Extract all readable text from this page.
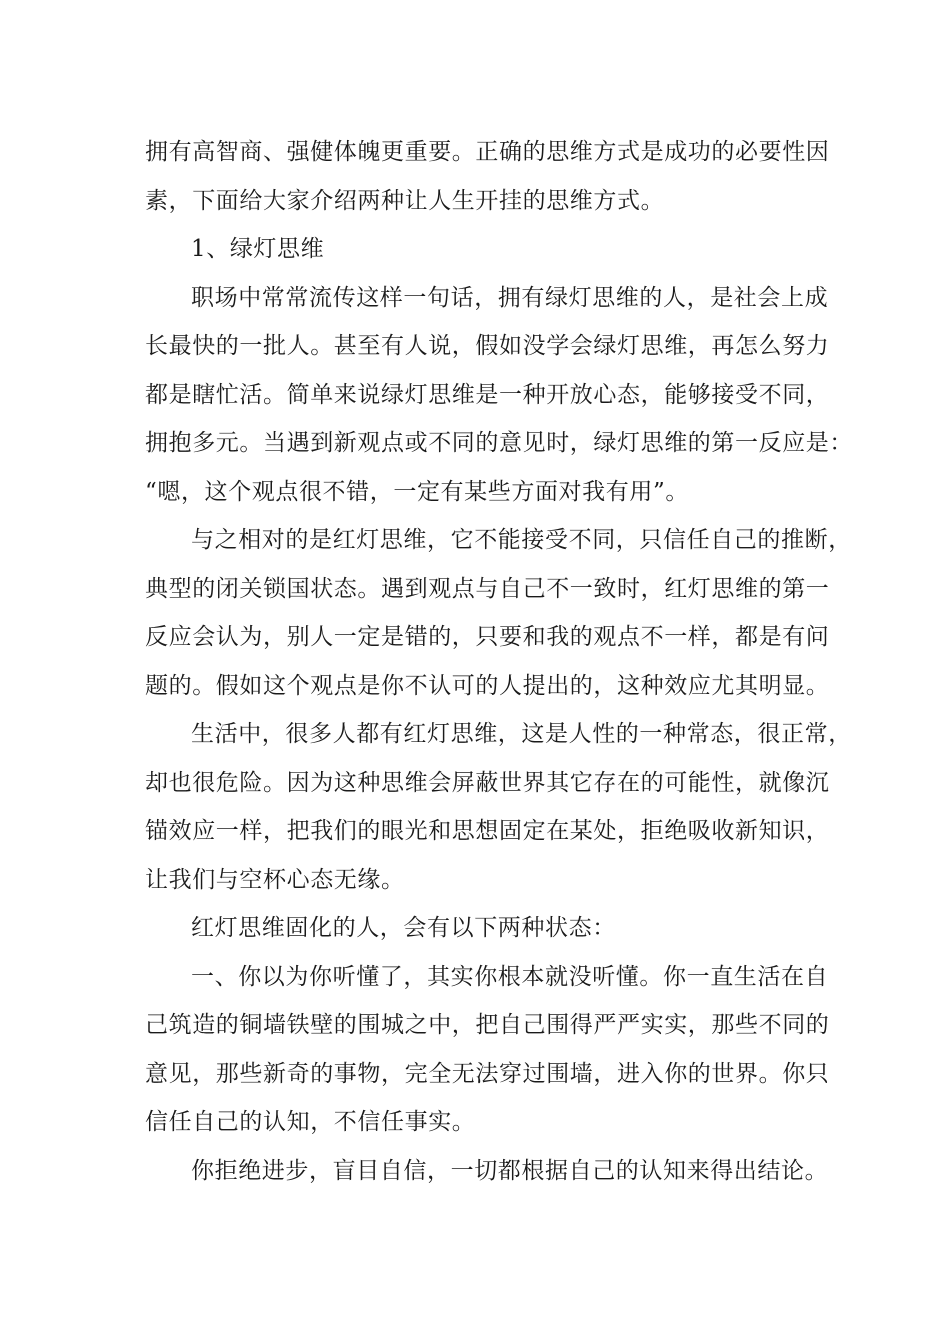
拥有高智商、强健体魄更重要。正确的思维方式是成功的必要性因
素，下面给大家介绍两种让人生开挂的思维方式。
1、绿灯思维
职场中常常流传这样一句话，拥有绿灯思维的人，是社会上成
长最快的一批人。甚至有人说，假如没学会绿灯思维，再怎么努力
都是瞎忙活。简单来说绿灯思维是一种开放心态，能够接受不同，
拥抱多元。当遇到新观点或不同的意见时，绿灯思维的第一反应是：
“嗯，这个观点很不错，一定有某些方面对我有用”。
与之相对的是红灯思维，它不能接受不同，只信任自己的推断，
典型的闭关锁国状态。遇到观点与自己不一致时，红灯思维的第一
反应会认为，别人一定是错的，只要和我的观点不一样，都是有问
题的。假如这个观点是你不认可的人提出的，这种效应尤其明显。
生活中，很多人都有红灯思维，这是人性的一种常态，很正常，
却也很危险。因为这种思维会屏蔽世界其它存在的可能性，就像沉
锚效应一样，把我们的眼光和思想固定在某处，拒绝吸收新知识，
让我们与空杯心态无缘。
红灯思维固化的人，会有以下两种状态：
一、你以为你听懂了，其实你根本就没听懂。你一直生活在自
己筑造的铜墙铁壁的围城之中，把自己围得严严实实，那些不同的
意见，那些新奇的事物，完全无法穿过围墙，进入你的世界。你只
信任自己的认知，不信任事实。
你拒绝进步，盲目自信，一切都根据自己的认知来得出结论。
